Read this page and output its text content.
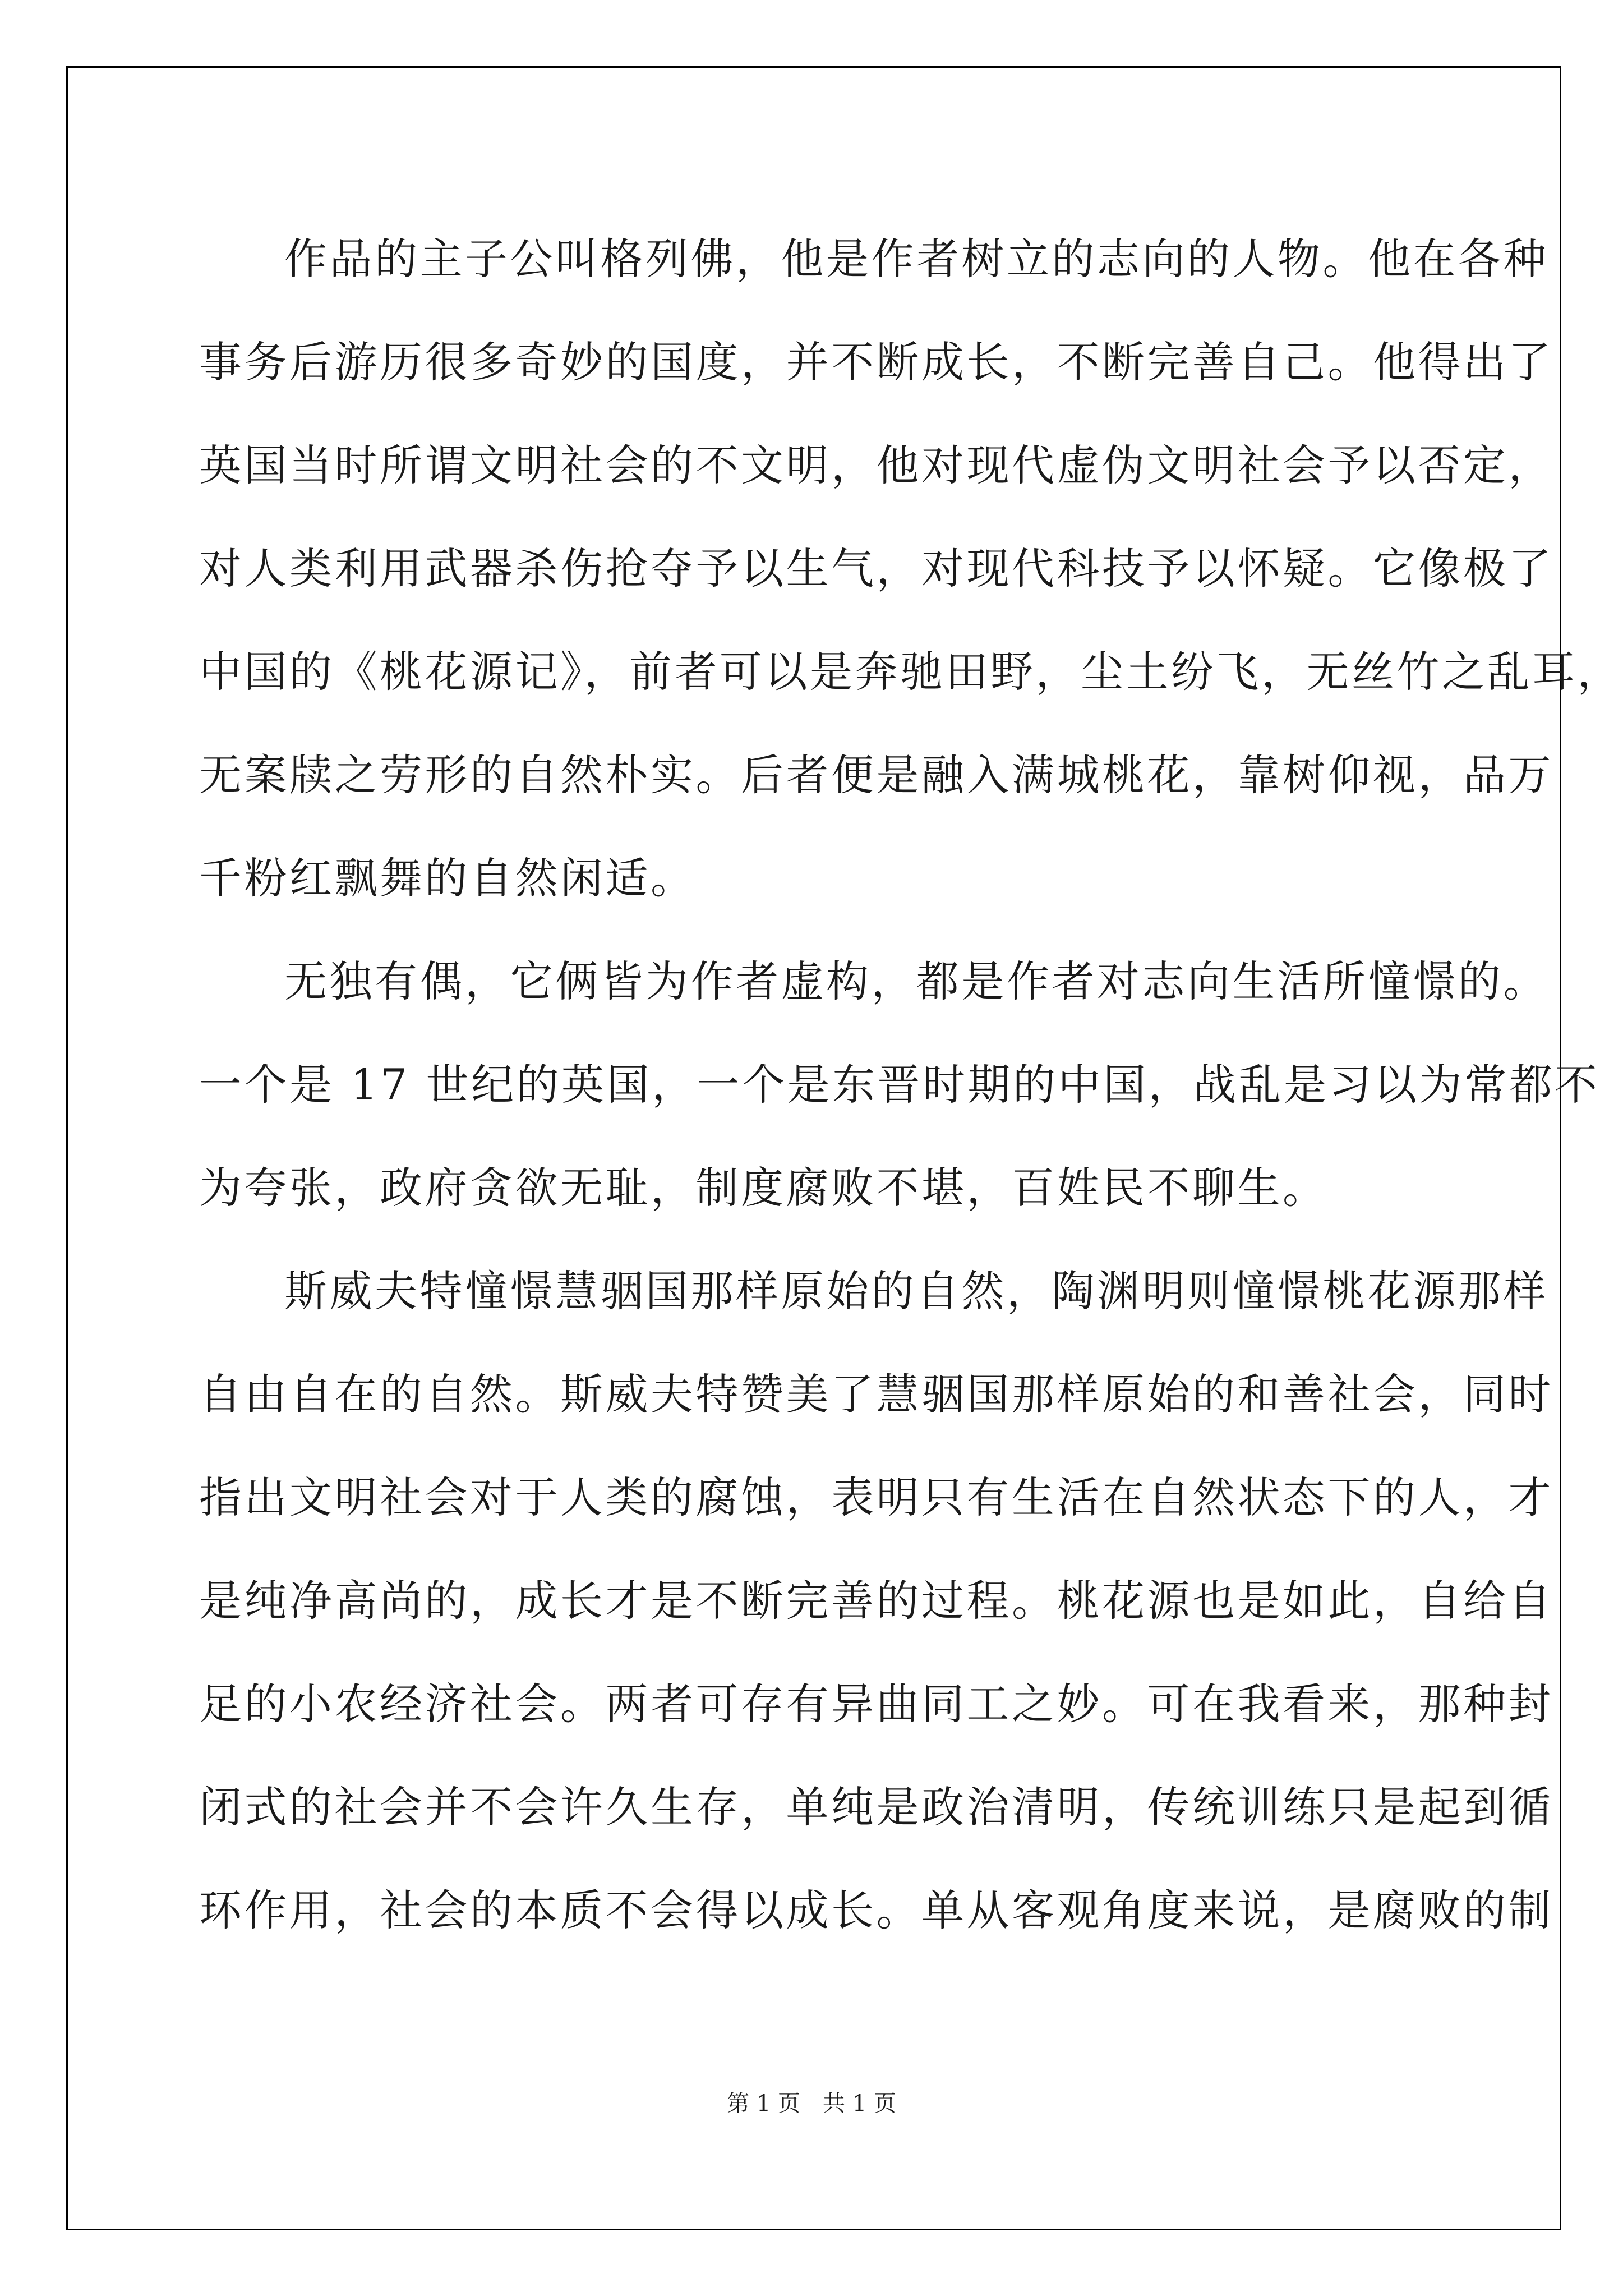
作品的主子公叫格列佛，他是作者树立的志向的人物。他在各种
事务后游历很多奇妙的国度，并不断成长，不断完善自己。他得出了
英国当时所谓文明社会的不文明，他对现代虚伪文明社会予以否定，
对人类利用武器杀伤抢夺予以生气，对现代科技予以怀疑。它像极了
中国的《桃花源记》，前者可以是奔驰田野，尘土纷飞，无丝竹之乱耳，
无案牍之劳形的自然朴实。后者便是融入满城桃花，靠树仰视，品万
千粉红飘舞的自然闲适。
无独有偶，它俩皆为作者虚构，都是作者对志向生活所憧憬的。
一个是 17 世纪的英国，一个是东晋时期的中国，战乱是习以为常都不
为夸张，政府贪欲无耻，制度腐败不堪，百姓民不聊生。
斯威夫特憧憬慧骃国那样原始的自然，陶渊明则憧憬桃花源那样
自由自在的自然。斯威夫特赞美了慧骃国那样原始的和善社会，同时
指出文明社会对于人类的腐蚀，表明只有生活在自然状态下的人，才
是纯净高尚的，成长才是不断完善的过程。桃花源也是如此，自给自
足的小农经济社会。两者可存有异曲同工之妙。可在我看来，那种封
闭式的社会并不会许久生存，单纯是政治清明，传统训练只是起到循
环作用，社会的本质不会得以成长。单从客观角度来说，是腐败的制
第 1 页　共 1 页
